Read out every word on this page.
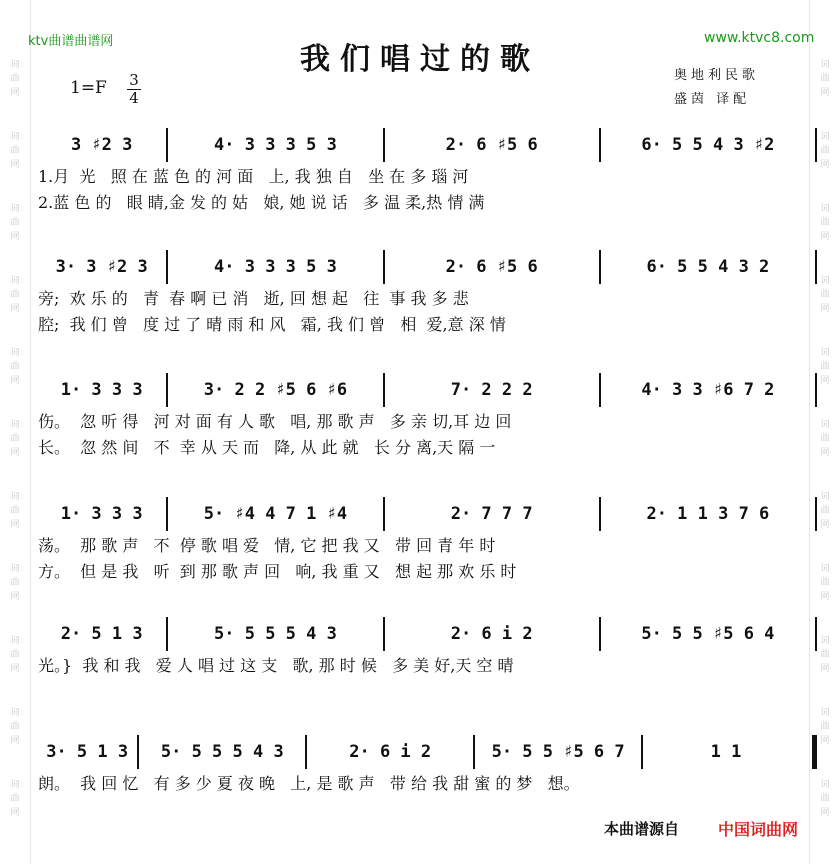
词
曲
网
词
曲
网
词
曲
网
词
曲
网
词
曲
网
词
曲
网
词
曲
网
词
曲
网
词
曲
网
词
曲
网
词
曲
网
词
曲
网
词
曲
网
词
曲
网
词
曲
网
词
曲
网
词
曲
网
词
曲
网
词
曲
网
词
曲
网
词
曲
网
词
曲
网
ktv曲谱曲谱网	www.ktvc8.com
我们唱过的歌	奥地利民歌
盛茵 译配
1=F 3
4
3 ♯2 3	4· 3 3 3 5 3	2· 6 ♯5 6	6· 5 5 4 3 ♯2
1.月  光   照 在 蓝 色 的 河 面   上, 我 独 自   坐 在 多 瑙 河
2.蓝 色 的   眼 睛,金 发 的 姑   娘, 她 说 话   多 温 柔,热 情 满
3· 3 ♯2 3	4· 3 3 3 5 3	2· 6 ♯5 6	6· 5 5 4 3 2
旁;  欢 乐 的   青  春 啊 已 消   逝, 回 想 起   往  事 我 多 悲
腔;  我 们 曾   度 过 了 晴 雨 和 风   霜, 我 们 曾   相  爱,意 深 情
1· 3 3 3	3· 2 2 ♯5 6 ♯6	7· 2 2 2	4· 3 3 ♯6 7 2
伤。  忽 听 得   河 对 面 有 人 歌   唱, 那 歌 声   多 亲 切,耳 边 回
长。  忽 然 间   不  幸 从 天 而   降, 从 此 就   长 分 离,天 隔 一
1· 3 3 3	5· ♯4 4 7 1 ♯4	2· 7 7 7	2· 1 1 3 7 6
荡。  那 歌 声   不  停 歌 唱 爱   情, 它 把 我 又   带 回 青 年 时
方。  但 是 我   听  到 那 歌 声 回   响, 我 重 又   想 起 那 欢 乐 时
2· 5 1 3	5· 5 5 5 4 3	2· 6 i 2	5· 5 5 ♯5 6 4
光。}  我 和 我   爱 人 唱 过 这 支   歌, 那 时 候   多 美 好,天 空 晴
3· 5 1 3	5· 5 5 5 4 3	2· 6 i 2	5· 5 5 ♯5 6 7	1 1
朗。  我 回 忆   有 多 少 夏 夜 晚   上, 是 歌 声   带 给 我 甜 蜜 的 梦   想。
本曲谱源自 中国词曲网
